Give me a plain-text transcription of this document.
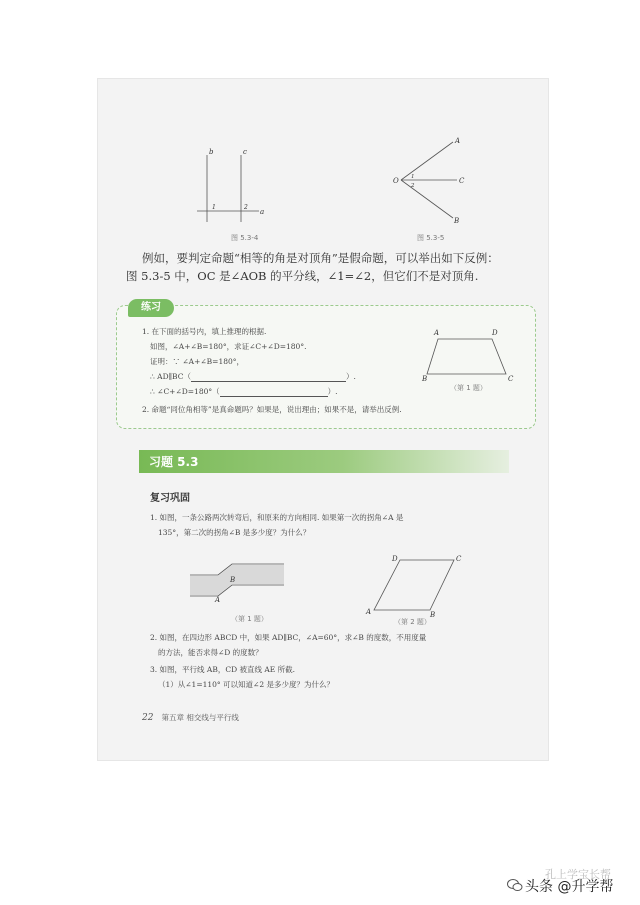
b	c
a
1	2
图 5.3-4
A
O	C
B
1
2
图 5.3-5
例如，要判定命题“相等的角是对顶角”是假命题，可以举出如下反例：
图 5.3-5 中，OC 是∠AOB 的平分线，∠1=∠2，但它们不是对顶角.
练习
1. 在下面的括号内，填上推理的根据.
如图，∠A+∠B=180°，求证∠C+∠D=180°.
证明：∵ ∠A+∠B=180°，
∴ AD∥BC（	）.
∴ ∠C+∠D=180°（	）.
2. 命题“同位角相等”是真命题吗？如果是，说出理由；如果不是，请举出反例.
A	D
B	C
（第 1 题）
习题 5.3
复习巩固
1. 如图，一条公路两次转弯后，和原来的方向相同. 如果第一次的拐角∠A 是
135°，第二次的拐角∠B 是多少度？为什么？
A
B
（第 1 题）
D	C
A	B
（第 2 题）
2. 如图，在四边形 ABCD 中，如果 AD∥BC，∠A=60°，求∠B 的度数，不用度量
的方法，能否求得∠D 的度数？
3. 如图，平行线 AB，CD 被直线 AE 所截.
（1）从∠1=110° 可以知道∠2 是多少度？为什么？
22 第五章 相交线与平行线
孔上学宝长帮
头条 @升学帮
